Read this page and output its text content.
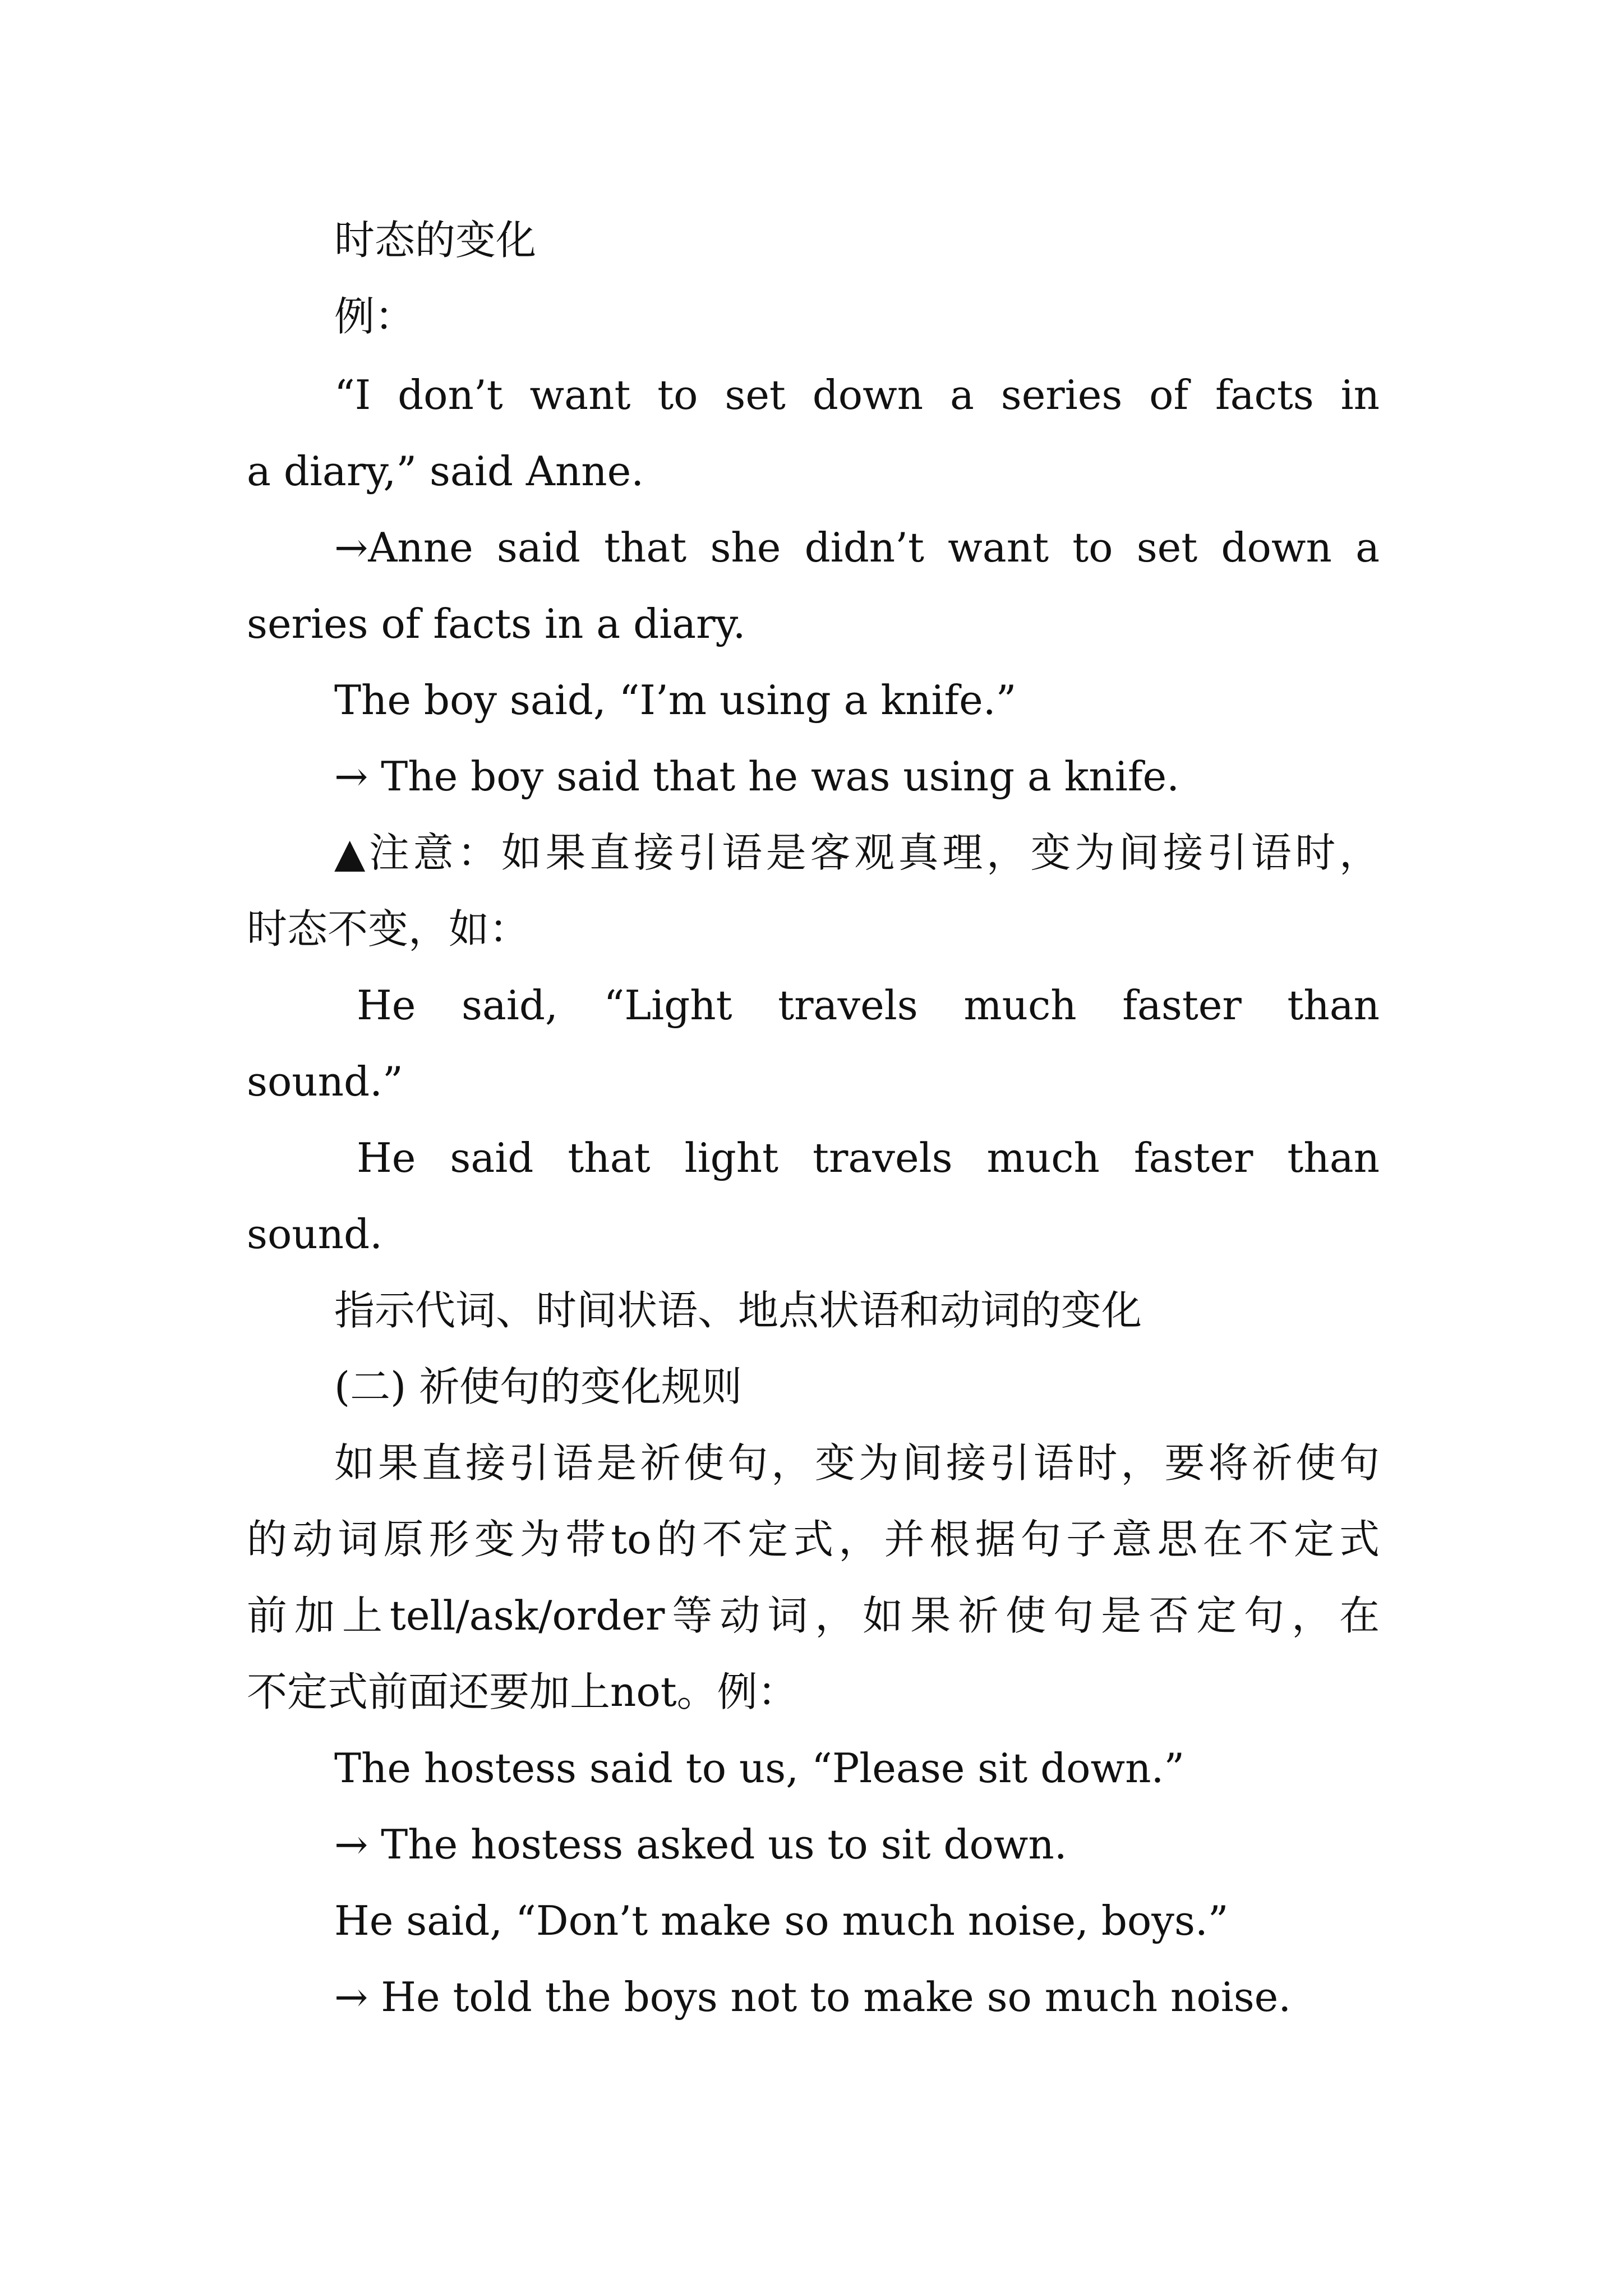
时态的变化
例：
“I don’t want to set down a series of facts in
a diary,” said Anne.
→Anne said that she didn’t want to set down a
series of facts in a diary.
The boy said, “I’m using a knife.”
→ The boy said that he was using a knife.
▲注意：如果直接引语是客观真理，变为间接引语时，
时态不变，如：
He said, “Light travels much faster than
sound.”
He said that light travels much faster than
sound.
指示代词、时间状语、地点状语和动词的变化
(二) 祈使句的变化规则
如果直接引语是祈使句，变为间接引语时，要将祈使句
的动词原形变为带to的不定式，并根据句子意思在不定式
前加上tell/ask/order等动词，如果祈使句是否定句，在
不定式前面还要加上not。例：
The hostess said to us, “Please sit down.”
→ The hostess asked us to sit down.
He said, “Don’t make so much noise, boys.”
→ He told the boys not to make so much noise.
